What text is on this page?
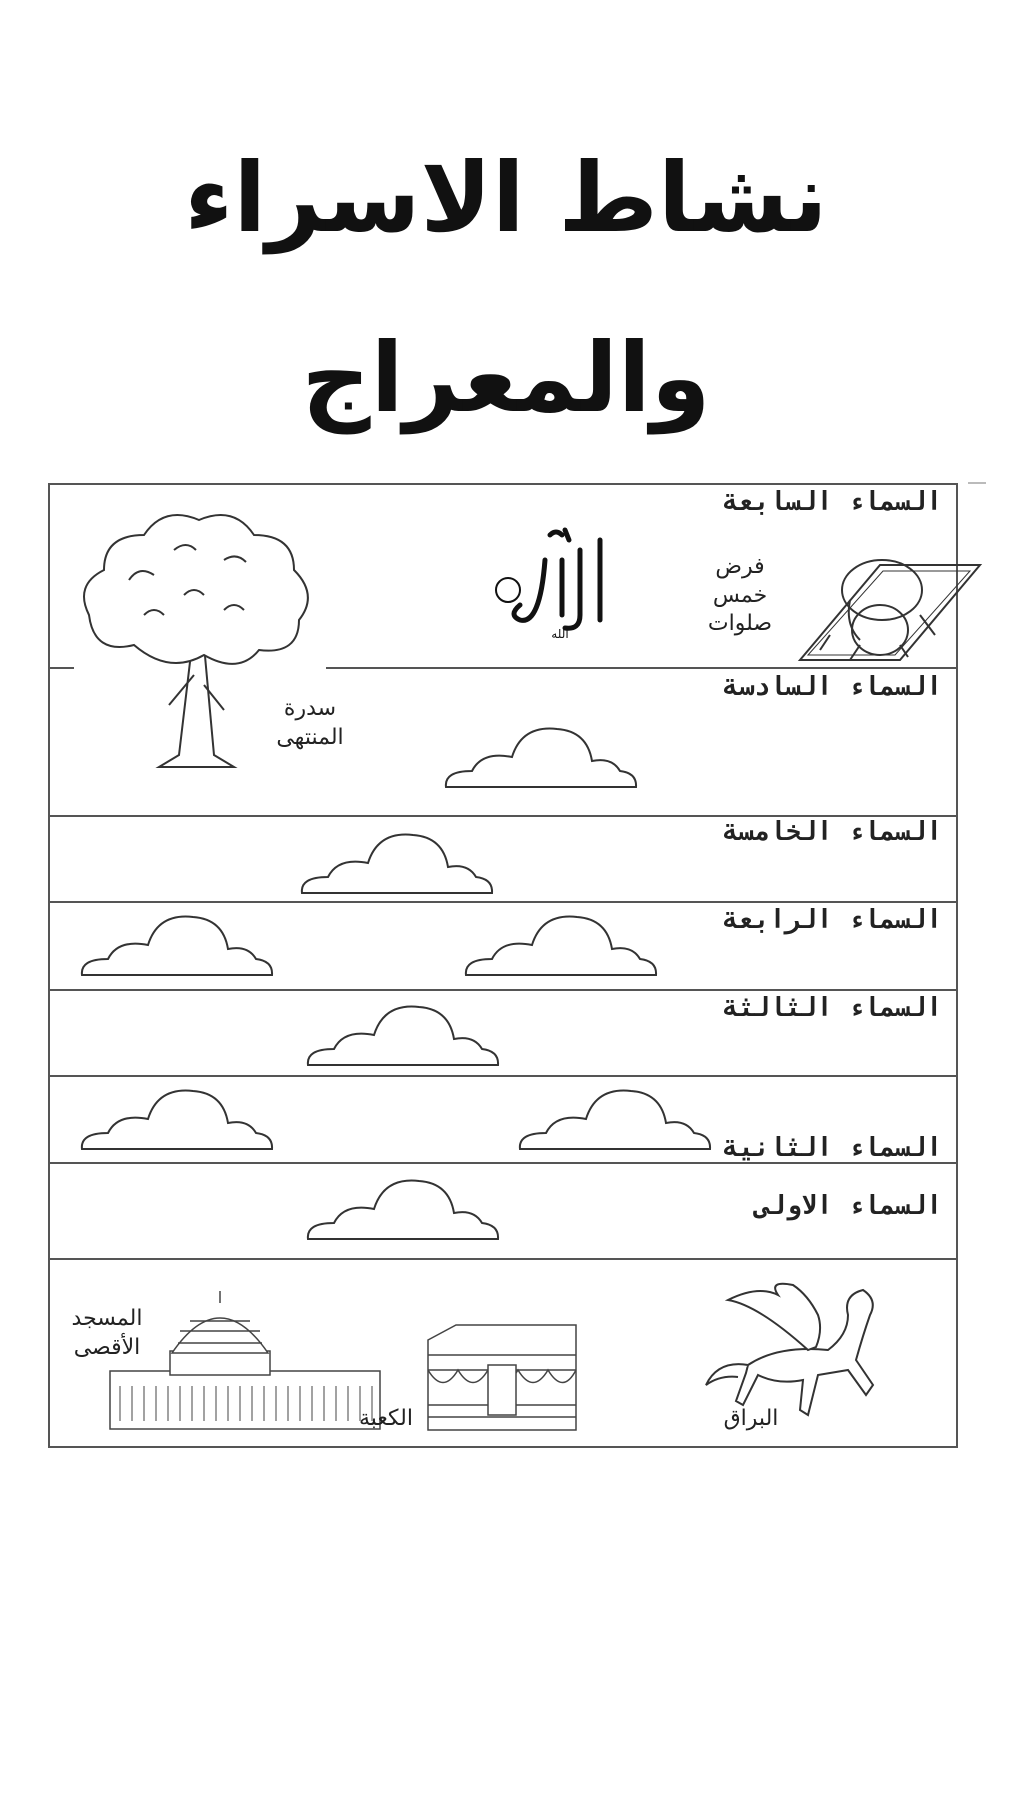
نشاط الاسراء
والمعراج
السماء السابعة
السماء السادسة
السماء الخامسة
السماء الرابعة
السماء الثالثة
السماء الثانية
السماء الاولى
فرض
خمس
صلوات
الله
سدرة
المنتهى
المسجد
الأقصى
الكعبة	البراق
